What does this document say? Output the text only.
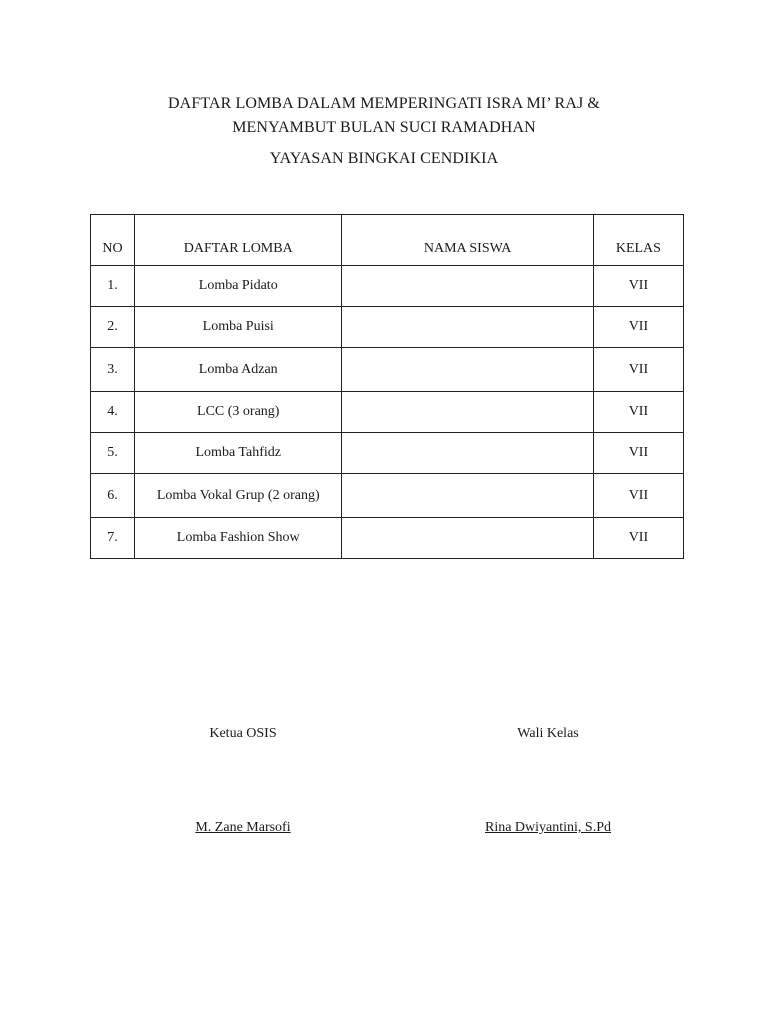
DAFTAR LOMBA DALAM MEMPERINGATI ISRA MI’ RAJ &
MENYAMBUT BULAN SUCI RAMADHAN
YAYASAN BINGKAI CENDIKIA
NO	DAFTAR LOMBA	NAMA SISWA	KELAS
1.	Lomba Pidato		VII
2.	Lomba Puisi		VII
3.	Lomba Adzan		VII
4.	LCC (3 orang)		VII
5.	Lomba Tahfidz		VII
6.	Lomba Vokal Grup (2 orang)		VII
7.	Lomba Fashion Show		VII
Ketua OSIS
M. Zane Marsofi
Wali Kelas
Rina Dwiyantini, S.Pd
